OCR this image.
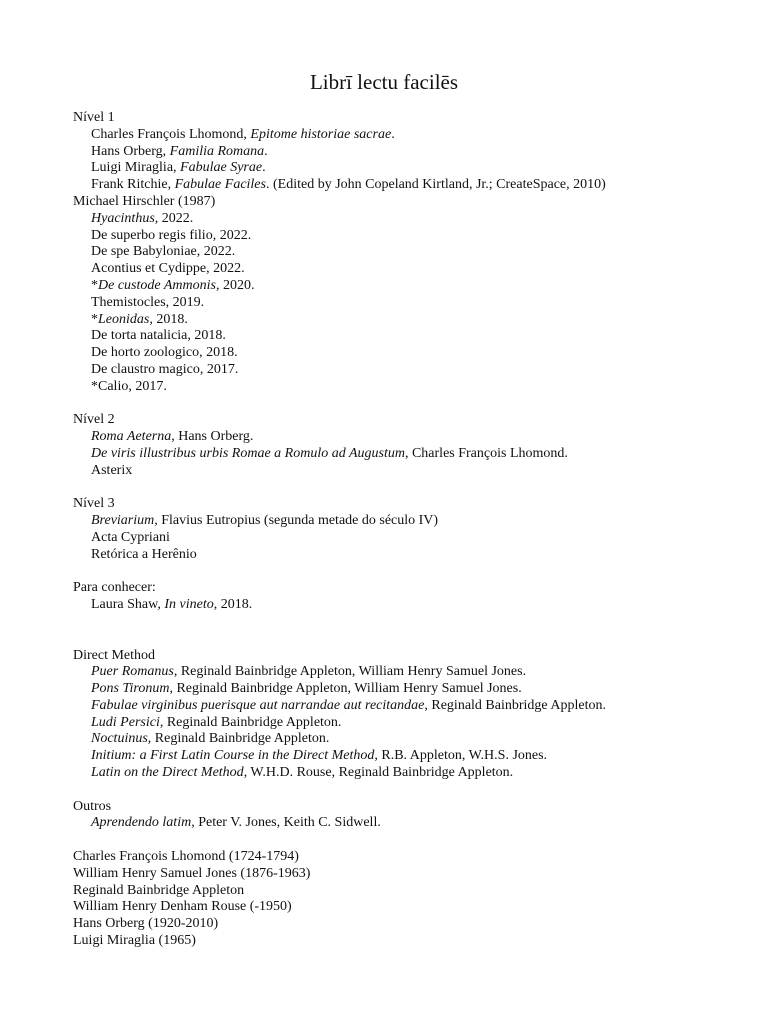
Librī lectu facilēs
Nível 1
Charles François Lhomond, Epitome historiae sacrae.
Hans Orberg, Familia Romana.
Luigi Miraglia, Fabulae Syrae.
Frank Ritchie, Fabulae Faciles. (Edited by John Copeland Kirtland, Jr.; CreateSpace, 2010)
Michael Hirschler (1987)
Hyacinthus, 2022.
De superbo regis filio, 2022.
De spe Babyloniae, 2022.
Acontius et Cydippe, 2022.
*De custode Ammonis, 2020.
Themistocles, 2019.
*Leonidas, 2018.
De torta natalicia, 2018.
De horto zoologico, 2018.
De claustro magico, 2017.
*Calio, 2017.
Nível 2
Roma Aeterna, Hans Orberg.
De viris illustribus urbis Romae a Romulo ad Augustum, Charles François Lhomond.
Asterix
Nível 3
Breviarium, Flavius Eutropius (segunda metade do século IV)
Acta Cypriani
Retórica a Herênio
Para conhecer:
Laura Shaw, In vineto, 2018.
Direct Method
Puer Romanus, Reginald Bainbridge Appleton, William Henry Samuel Jones.
Pons Tironum, Reginald Bainbridge Appleton, William Henry Samuel Jones.
Fabulae virginibus puerisque aut narrandae aut recitandae, Reginald Bainbridge Appleton.
Ludi Persici, Reginald Bainbridge Appleton.
Noctuinus, Reginald Bainbridge Appleton.
Initium: a First Latin Course in the Direct Method, R.B. Appleton, W.H.S. Jones.
Latin on the Direct Method, W.H.D. Rouse, Reginald Bainbridge Appleton.
Outros
Aprendendo latim, Peter V. Jones, Keith C. Sidwell.
Charles François Lhomond (1724-1794)
William Henry Samuel Jones (1876-1963)
Reginald Bainbridge Appleton
William Henry Denham Rouse (-1950)
Hans Orberg (1920-2010)
Luigi Miraglia (1965)
